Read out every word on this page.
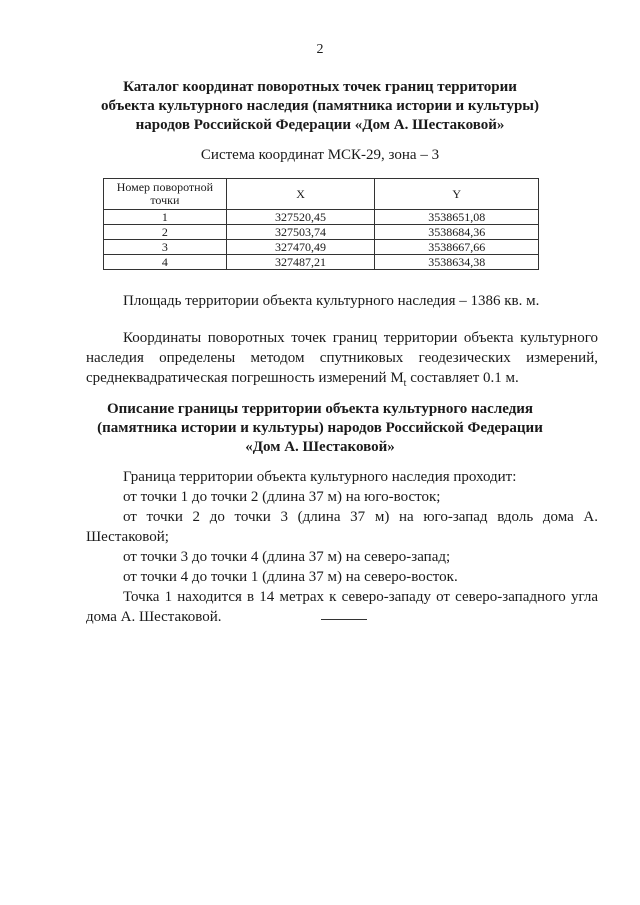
2
Каталог координат поворотных точек границ территории
объекта культурного наследия (памятника истории и культуры)
народов Российской Федерации «Дом А. Шестаковой»
Система координат МСК-29, зона – 3
Номер поворотной точки	X	Y
1	327520,45	3538651,08
2	327503,74	3538684,36
3	327470,49	3538667,66
4	327487,21	3538634,38
Площадь территории объекта культурного наследия – 1386 кв. м.
Координаты поворотных точек границ территории объекта культурного наследия определены методом спутниковых геодезических измерений, среднеквадратическая погрешность измерений $M_t$ составляет 0.1 м.
Описание границы территории объекта культурного наследия
(памятника истории и культуры) народов Российской Федерации
«Дом А. Шестаковой»
Граница территории объекта культурного наследия проходит:
от точки 1 до точки 2 (длина 37 м) на юго-восток;
от точки 2 до точки 3 (длина 37 м) на юго-запад вдоль дома А. Шестаковой;
от точки 3 до точки 4 (длина 37 м) на северо-запад;
от точки 4 до точки 1 (длина 37 м) на северо-восток.
Точка 1 находится в 14 метрах к северо-западу от северо-западного угла дома А. Шестаковой.
